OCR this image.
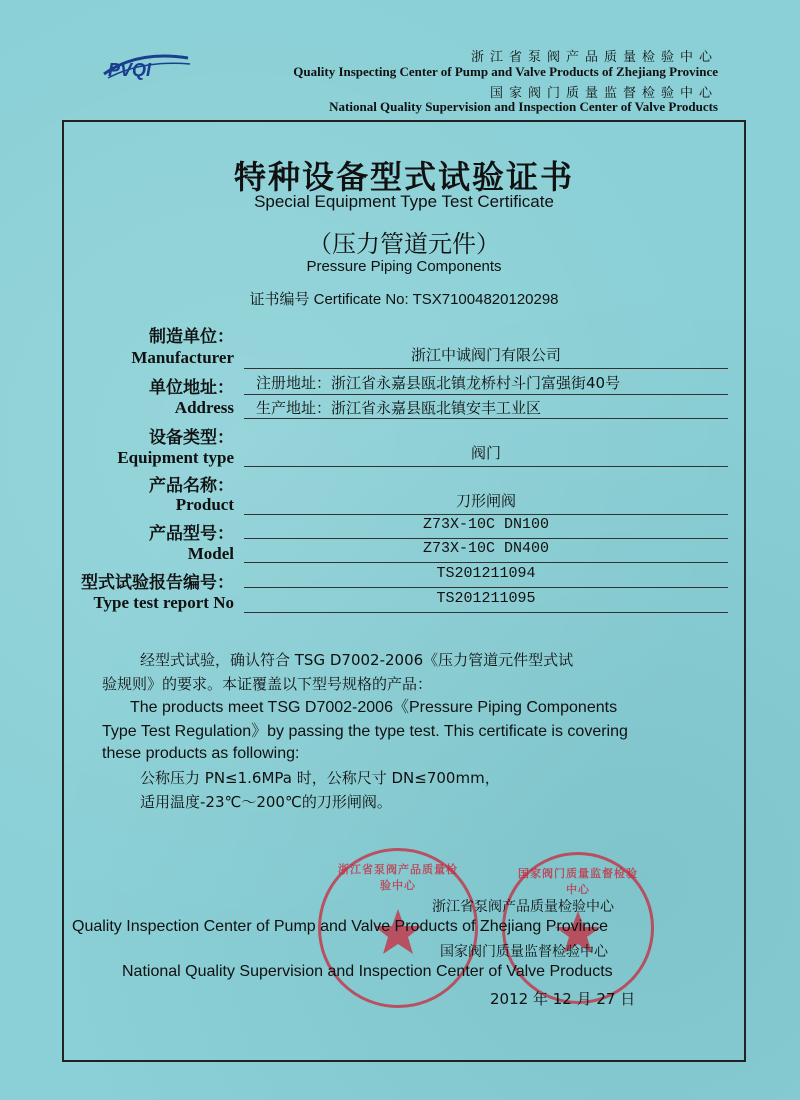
PVQI
浙江省泵阀产品质量检验中心
Quality Inspecting Center of Pump and Valve Products of Zhejiang Province
国家阀门质量监督检验中心
National Quality Supervision and Inspection Center of Valve Products
特种设备型式试验证书
Special Equipment Type Test Certificate
（压力管道元件）
Pressure Piping Components
证书编号 Certificate No: TSX71004820120298
制造单位：
Manufacturer	浙江中诚阀门有限公司
单位地址： 注册地址：浙江省永嘉县瓯北镇龙桥村斗门富强街40号
Address 生产地址：浙江省永嘉县瓯北镇安丰工业区
设备类型：
Equipment type	阀门
产品名称：
Product	刀形闸阀
产品型号：	Z73X-10C DN100
Model	Z73X-10C DN400
型式试验报告编号：	TS201211094
Type test report No	TS201211095
经型式试验，确认符合 TSG D7002-2006《压力管道元件型式试
验规则》的要求。本证覆盖以下型号规格的产品：
The products meet TSG D7002-2006《Pressure Piping Components
Type Test Regulation》by passing the type test. This certificate is covering
these products as following:
公称压力 PN≤1.6MPa 时，公称尺寸 DN≤700mm，
适用温度-23℃～200℃的刀形闸阀。
浙江省泵阀产品质量检验中心
国家阀门质量监督检验中心
浙江省泵阀产品质量检验中心
Quality Inspection Center of Pump and Valve Products of Zhejiang Province
国家阀门质量监督检验中心
National Quality Supervision and Inspection Center of Valve Products
2012 年 12 月 27 日
